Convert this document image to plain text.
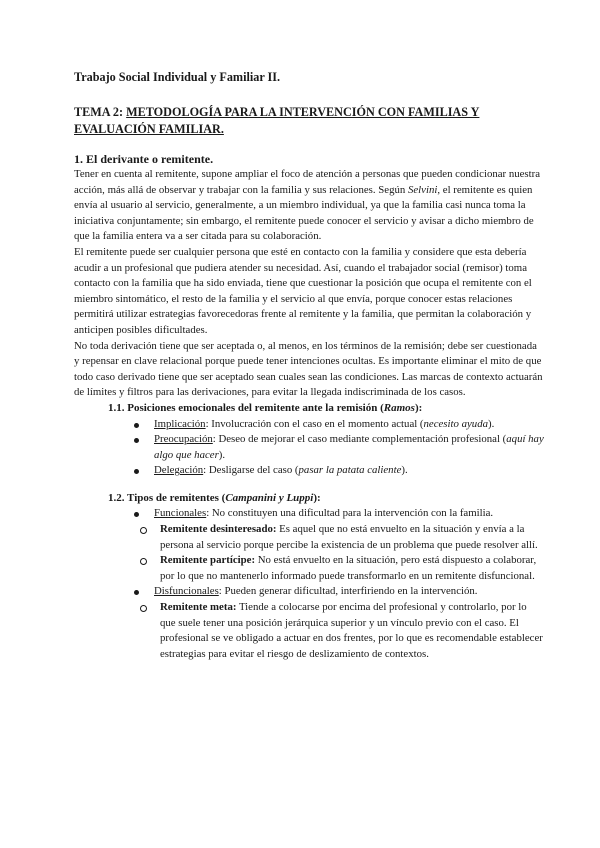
Trabajo Social Individual y Familiar II.

TEMA 2: METODOLOGÍA PARA LA INTERVENCIÓN CON FAMILIAS Y EVALUACIÓN FAMILIAR.

1. El derivante o remitente.

Tener en cuenta al remitente, supone ampliar el foco de atención a personas que pueden condicionar nuestra acción, más allá de observar y trabajar con la familia y sus relaciones. Según Selvini, el remitente es quien envía al usuario al servicio, generalmente, a un miembro individual, ya que la familia casi nunca toma la iniciativa conjuntamente; sin embargo, el remitente puede conocer el servicio y avisar a dicho miembro de que la familia entera va a ser citada para su colaboración.

El remitente puede ser cualquier persona que esté en contacto con la familia y considere que esta debería acudir a un profesional que pudiera atender su necesidad. Así, cuando el trabajador social (remisor) toma contacto con la familia que ha sido enviada, tiene que cuestionar la posición que ocupa el remitente con el miembro sintomático, el resto de la familia y el servicio al que envía, porque conocer estas relaciones permitirá utilizar estrategias favorecedoras frente al remitente y la familia, que permitan la colaboración y anticipen posibles dificultades.

No toda derivación tiene que ser aceptada o, al menos, en los términos de la remisión; debe ser cuestionada y repensar en clave relacional porque puede tener intenciones ocultas. Es importante eliminar el mito de que todo caso derivado tiene que ser aceptado sean cuales sean las condiciones. Las marcas de contexto actuarán de límites y filtros para las derivaciones, para evitar la llegada indiscriminada de los casos.

1.1. Posiciones emocionales del remitente ante la remisión (Ramos):

Implicación: Involucración con el caso en el momento actual (necesito ayuda).
Preocupación: Deseo de mejorar el caso mediante complementación profesional (aquí hay algo que hacer).
Delegación: Desligarse del caso (pasar la patata caliente).

1.2. Tipos de remitentes (Campanini y Luppi):

Funcionales: No constituyen una dificultad para la intervención con la familia.
Remitente desinteresado: Es aquel que no está envuelto en la situación y envía a la persona al servicio porque percibe la existencia de un problema que puede resolver allí.
Remitente partícipe: No está envuelto en la situación, pero está dispuesto a colaborar, por lo que no mantenerlo informado puede transformarlo en un remitente disfuncional.
Disfuncionales: Pueden generar dificultad, interfiriendo en la intervención.
Remitente meta: Tiende a colocarse por encima del profesional y controlarlo, por lo que suele tener una posición jerárquica superior y un vínculo previo con el caso. El profesional se ve obligado a actuar en dos frentes, por lo que es recomendable establecer estrategias para evitar el riesgo de deslizamiento de contextos.
